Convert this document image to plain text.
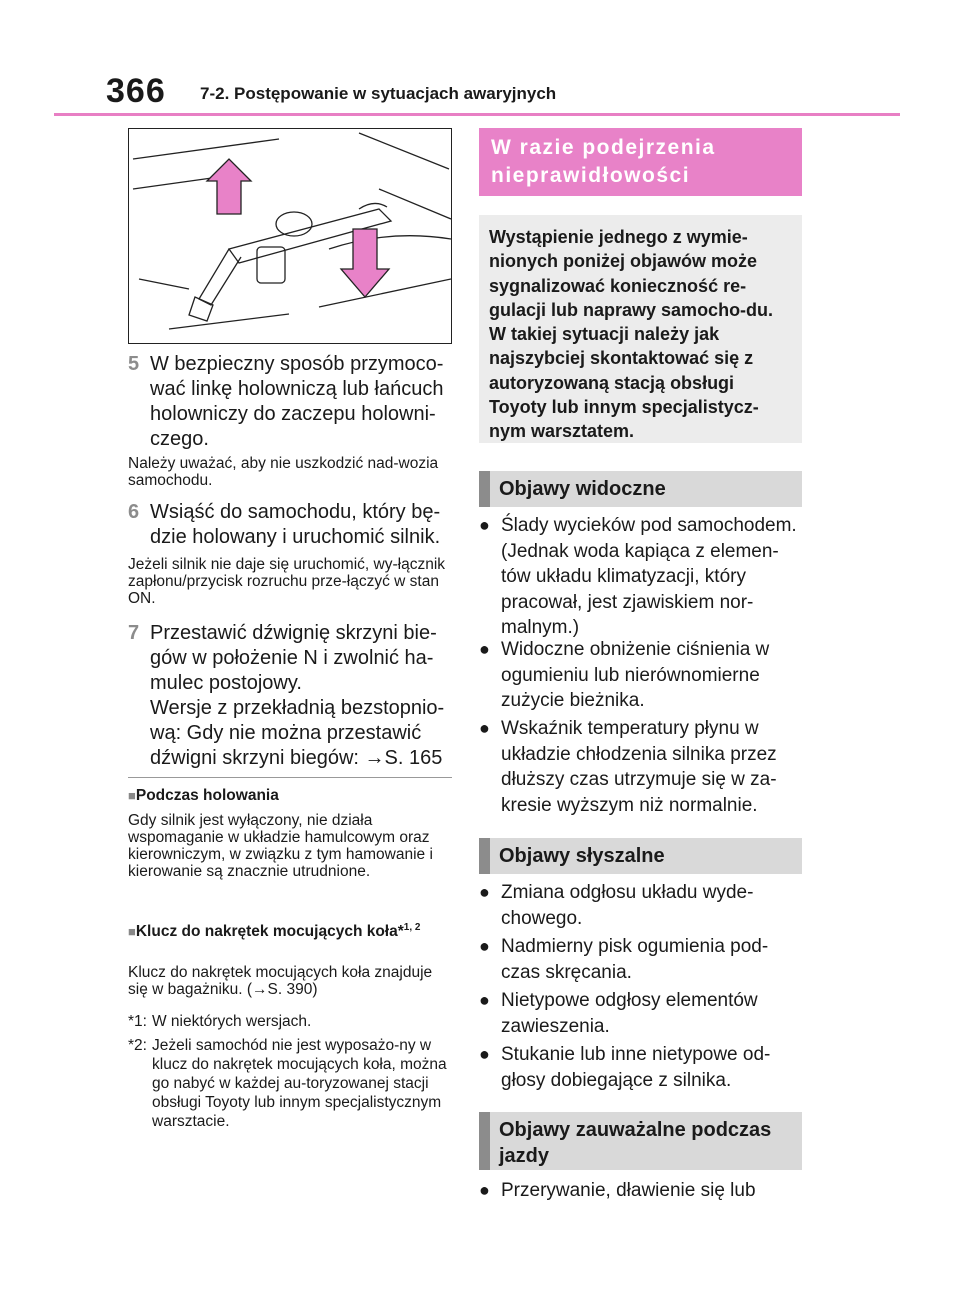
366 7-2. Postępowanie w sytuacjach awaryjnych
5 W bezpieczny sposób przymoco-wać linkę holowniczą lub łańcuch holowniczy do zaczepu holowni-czego.
Należy uważać, aby nie uszkodzić nad-wozia samochodu.
6 Wsiąść do samochodu, który bę-dzie holowany i uruchomić silnik.
Jeżeli silnik nie daje się uruchomić, wy-łącznik zapłonu/przycisk rozruchu prze-łączyć w stan ON.
7 Przestawić dźwignię skrzyni bie-gów w położenie N i zwolnić ha-mulec postojowy.
Wersje z przekładnią bezstopnio-wą: Gdy nie można przestawić dźwigni skrzyni biegów: →S. 165
■Podczas holowania
Gdy silnik jest wyłączony, nie działa wspomaganie w układzie hamulcowym oraz kierowniczym, w związku z tym hamowanie i kierowanie są znacznie utrudnione.
■Klucz do nakrętek mocujących koła*$^{1, 2}$
Klucz do nakrętek mocujących koła znajduje się w bagażniku. (→S. 390)
*1: W niektórych wersjach.
*2: Jeżeli samochód nie jest wyposażo-ny w klucz do nakrętek mocujących koła, można go nabyć w każdej au-toryzowanej stacji obsługi Toyoty lub innym specjalistycznym warsztacie.
W razie podejrzenia nieprawidłowości
Wystąpienie jednego z wymie-nionych poniżej objawów może sygnalizować konieczność re-gulacji lub naprawy samocho-du. W takiej sytuacji należy jak najszybciej skontaktować się z autoryzowaną stacją obsługi Toyoty lub innym specjalistycz-nym warsztatem.
Objawy widoczne
● Ślady wycieków pod samochodem. (Jednak woda kapiąca z elemen-tów układu klimatyzacji, który pracował, jest zjawiskiem nor-malnym.)
● Widoczne obniżenie ciśnienia w ogumieniu lub nierównomierne zużycie bieżnika.
● Wskaźnik temperatury płynu w układzie chłodzenia silnika przez dłuższy czas utrzymuje się w za-kresie wyższym niż normalnie.
Objawy słyszalne
● Zmiana odgłosu układu wyde-chowego.
● Nadmierny pisk ogumienia pod-czas skręcania.
● Nietypowe odgłosy elementów zawieszenia.
● Stukanie lub inne nietypowe od-głosy dobiegające z silnika.
Objawy zauważalne podczas jazdy
● Przerywanie, dławienie się lub
